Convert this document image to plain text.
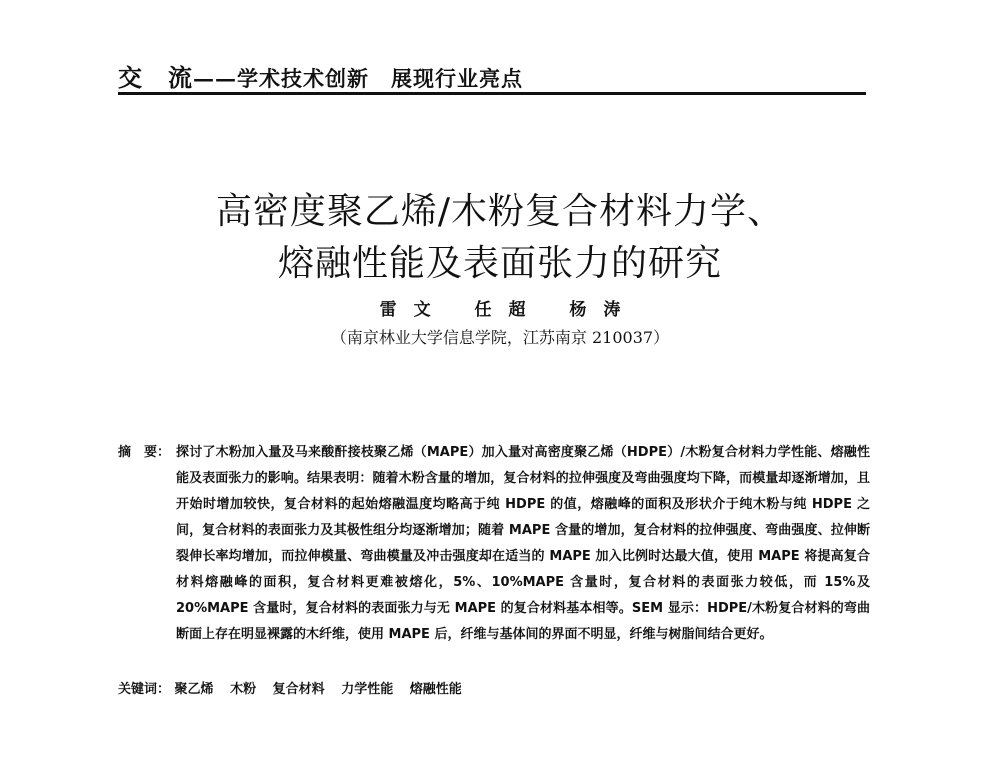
交　流——学术技术创新　展现行业亮点
高密度聚乙烯/木粉复合材料力学、
熔融性能及表面张力的研究
雷　文	任　超	杨　涛
（南京林业大学信息学院，江苏南京 210037）
摘　要： 探讨了木粉加入量及马来酸酐接枝聚乙烯（MAPE）加入量对高密度聚乙烯（HDPE）/木粉复合材料力学性能、熔融性能及表面张力的影响。结果表明：随着木粉含量的增加，复合材料的拉伸强度及弯曲强度均下降，而模量却逐渐增加，且开始时增加较快，复合材料的起始熔融温度均略高于纯 HDPE 的值，熔融峰的面积及形状介于纯木粉与纯 HDPE 之间，复合材料的表面张力及其极性组分均逐渐增加；随着 MAPE 含量的增加，复合材料的拉伸强度、弯曲强度、拉伸断裂伸长率均增加，而拉伸模量、弯曲模量及冲击强度却在适当的 MAPE 加入比例时达最大值，使用 MAPE 将提高复合材料熔融峰的面积，复合材料更难被熔化，5%、10%MAPE 含量时，复合材料的表面张力较低，而 15%及 20%MAPE 含量时，复合材料的表面张力与无 MAPE 的复合材料基本相等。SEM 显示：HDPE/木粉复合材料的弯曲断面上存在明显裸露的木纤维，使用 MAPE 后，纤维与基体间的界面不明显，纤维与树脂间结合更好。
关键词： 聚乙烯 木粉 复合材料 力学性能 熔融性能
